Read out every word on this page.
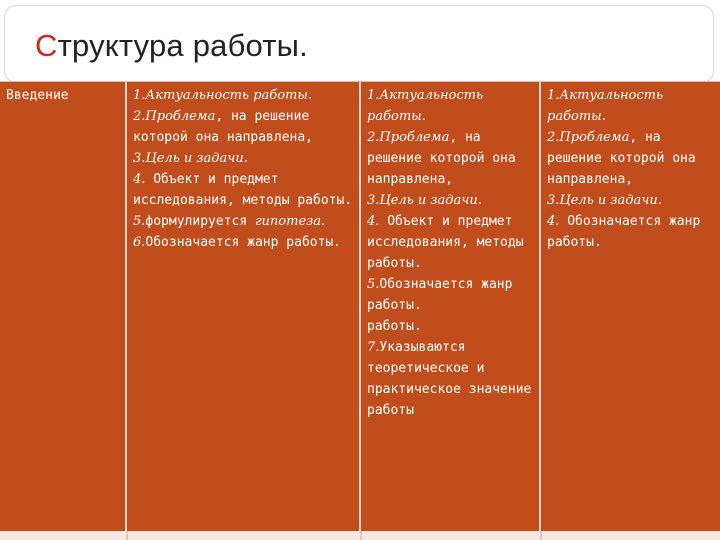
Структура работы.
Введение	1.Актуальность работы.
2.Проблема, на решение
которой она направлена,
3.Цель и задачи.
4. Объект и предмет
исследования, методы работы.
5.формулируется гипотеза.
6.Обозначается жанр работы.
1.Актуальность работы.
2.Проблема, на
решение которой она
направлена,
3.Цель и задачи.
4. Объект и предмет
исследования, методы
работы.
5.Обозначается жанр
работы.
работы.
7.Указываются
теоретическое и
практическое значение
работы
1.Актуальность работы.
2.Проблема, на
решение которой она
направлена,
3.Цель и задачи.
4. Обозначается жанр
работы.
